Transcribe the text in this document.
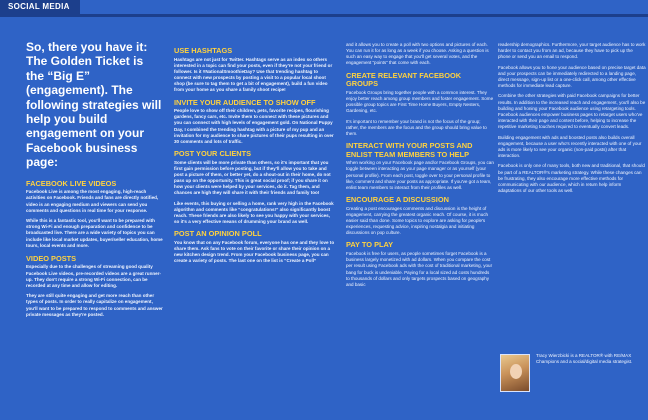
SOCIAL MEDIA
So, there you have it: The Golden Ticket is the “Big E” (engagement). The following strategies will help you build engagement on your Facebook business page:
FACEBOOK LIVE VIDEOS

Facebook Live is among the most engaging, high-reach activities on Facebook. Friends and fans are directly notified, video is an engaging medium and viewers can send you comments and questions in real time for your response.

While this is a fantastic tool, you'll want to be prepared with strong Wi-Fi and enough preparation and confidence to be broadcasted live. There are a wide variety of topics you can include like local market updates, buyer/seller education, home tours, local events and more.

VIDEO POSTS

Especially due to the challenges of streaming good quality Facebook Live videos, pre-recorded videos are a great runner-up. They don't require a strong Wi-Fi connection, can be recorded at any time and allow for editing.

They are still quite engaging and get more reach than other types of posts. In order to really capitalize on engagement, you'll want to be prepared to respond to comments and answer private messages as they're posted.

USE HASHTAGS

Hashtags are not just for Twitter. Hashtags serve as an index so others interested in a topic can find your posts, even if they're not your friend or follower. Is it #NationalSmoothieDay? Use that trending hashtag to connect with new prospects by posting a visit to a popular local shoot shop (be sure to tag them to get a bit of engagement), build a fun video from your home as you share a family shoot recipe!

INVITE YOUR AUDIENCE TO SHOW OFF

People love to show off their children, pets, favorite recipes, flourishing gardens, fancy cars, etc. Invite them to connect with these pictures and you can connect with high levels of engagement gold. On National Puppy Day, I combined the trending hashtag with a picture of my pup and an invitation for my audience to share pictures of their pups resulting in over 30 comments and lots of traffic.

POST YOUR CLIENTS

Some clients will be more private than others, so it's important that you first gain permission before posting, but if they'll allow you to take and post a picture of them, or better yet, do a shout-out in their home, do not pass up on the opportunity. This is great social proof; if you share it on how your clients were helped by your services, do it. Tag them, and chances are high they will share it with their friends and family too!

Like events, this buying or selling a home, rank very high in the Facebook algorithm and comments like “congratulations!” also significantly boost reach. These friends are also likely to see you happy with your services, so it's a very effective means of drumming your brand as well.

POST AN OPINION POLL

You know that on any Facebook forum, everyone has one and they love to share them. Ask fans to vote on their favorite or share their opinion on a new kitchen design trend. From your Facebook business page, you can create a variety of posts. The last one on the list is “Create a Poll”

and it allows you to create a poll with two options and pictures of each. You can run it for as long as a week if you choose. Asking a question is such an easy way to engage that you'll get several votes, and the engagement “points” that come with each.

CREATE RELEVANT FACEBOOK GROUPS

Facebook Groups bring together people with a common interest. They enjoy better reach among group members and foster engagement. Some possible group topics are First Time Home Buyers, Empty Nesters, Gardening, etc.

It's important to remember your brand is not the focus of the group; rather, the members are the focus and the group should bring value to them.

INTERACT WITH YOUR POSTS AND ENLIST TEAM MEMBERS TO HELP

When working on your Facebook page and/or Facebook Groups, you can toggle between interacting as your page manager or as yourself (your personal profile). From each post, toggle over to your personal profile to like, comment and share your posts as appropriate. If you've got a team, enlist team members to interact from their profiles as well.

ENCOURAGE A DISCUSSION

Creating a post encourages comments and discussion is the height of engagement, carrying the greatest organic reach. Of course, it is much easier said than done. Some topics to explore are asking for people's experiences, requesting advice, inspiring nostalgia and initiating discussions on pop culture.

PAY TO PLAY

Facebook is free for users, as people sometimes forget Facebook is a business largely monetized with ad dollars. When you compare the cost per result using Facebook ads with the cost of traditional marketing, your bang for buck is undeniable. Paying for a local sized ad costs hundreds to thousands of dollars and only targets prospects based on geography and basic

readership demographics. Furthermore, your target audience has to work harder to contact you from an ad, because they have to pick up the phone or send you an email to respond.

Facebook allows you to hone your audience based on precise target data and your prospects can be immediately redirected to a landing page, direct message, sign-up list or a one-click call, among other effective methods for immediate lead capture.

Combine the other strategies with paid Facebook campaigns for better results. In addition to the increased reach and engagement, you'll also be building and honing your Facebook audience using retargeting tools. Facebook audiences empower business pages to retarget users who've interacted with their page and content before, helping to increase the repetitive marketing touches required to eventually convert leads.

Building engagement with ads and boosted posts also builds overall engagement, because a user who's recently interacted with one of your ads is more likely to see your organic (non-paid posts) after that interaction.

Facebook is only one of many tools, both new and traditional, that should be part of a REALTOR®'s marketing strategy. While these changes can be frustrating, they also encourage more effective methods for communicating with our audience, which in return help inform adaptations of our other tools as well.

Tracy Wierzbicki is a REALTOR® with RE/MAX Champions and a social/digital media strategist.
